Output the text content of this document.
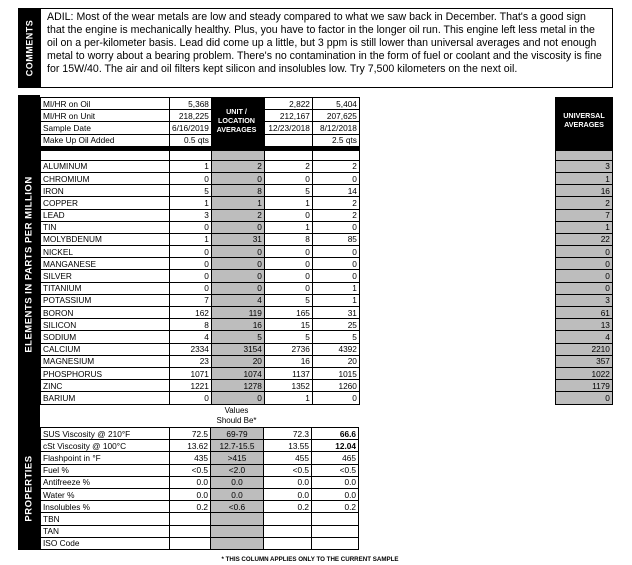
COMMENTS
ADIL: Most of the wear metals are low and steady compared to what we saw back in December. That's a good sign that the engine is mechanically healthy. Plus, you have to factor in the longer oil run. This engine left less metal in the oil on a per-kilometer basis. Lead did come up a little, but 3 ppm is still lower than universal averages and not enough metal to worry about a bearing problem. There's no contamination in the form of fuel or coolant and the viscosity is fine for 15W/40. The air and oil filters kept silicon and insolubles low. Try 7,500 kilometers on the next oil.
ELEMENTS IN PARTS PER MILLION
MI/HR on Oil	5,368		2,822	5,404		
MI/HR on Unit	218,225		212,167	207,625		
Sample Date	6/16/2019		12/23/2018	8/12/2018		
Make Up Oil Added	0.5 qts			2.5 qts		

ALUMINUM	1	2	2	2		3
CHROMIUM	0	0	0	0		1
IRON	5	8	5	14		16
COPPER	1	1	1	2		2
LEAD	3	2	0	2		7
TIN	0	0	1	0		1
MOLYBDENUM	1	31	8	85		22
NICKEL	0	0	0	0		0
MANGANESE	0	0	0	0		0
SILVER	0	0	0	0		0
TITANIUM	0	0	0	1		0
POTASSIUM	7	4	5	1		3
BORON	162	119	165	31		61
SILICON	8	16	15	25		13
SODIUM	4	5	5	5		4
CALCIUM	2334	3154	2736	4392		2210
MAGNESIUM	23	20	16	20		357
PHOSPHORUS	1071	1074	1137	1015		1022
ZINC	1221	1278	1352	1260		1179
BARIUM	0	0	1	0		0
UNIT / LOCATION AVERAGES
UNIVERSAL AVERAGES
Values
Should Be*
PROPERTIES
SUS Viscosity @ 210°F	72.5	69-79	72.3	66.6
cSt Viscosity @ 100°C	13.62	12.7-15.5	13.55	12.04
Flashpoint in °F	435	>415	455	465
Fuel %	<0.5	<2.0	<0.5	<0.5
Antifreeze %	0.0	0.0	0.0	0.0
Water %	0.0	0.0	0.0	0.0
Insolubles %	0.2	<0.6	0.2	0.2
TBN				
TAN				
ISO Code				
* THIS COLUMN APPLIES ONLY TO THE CURRENT SAMPLE
